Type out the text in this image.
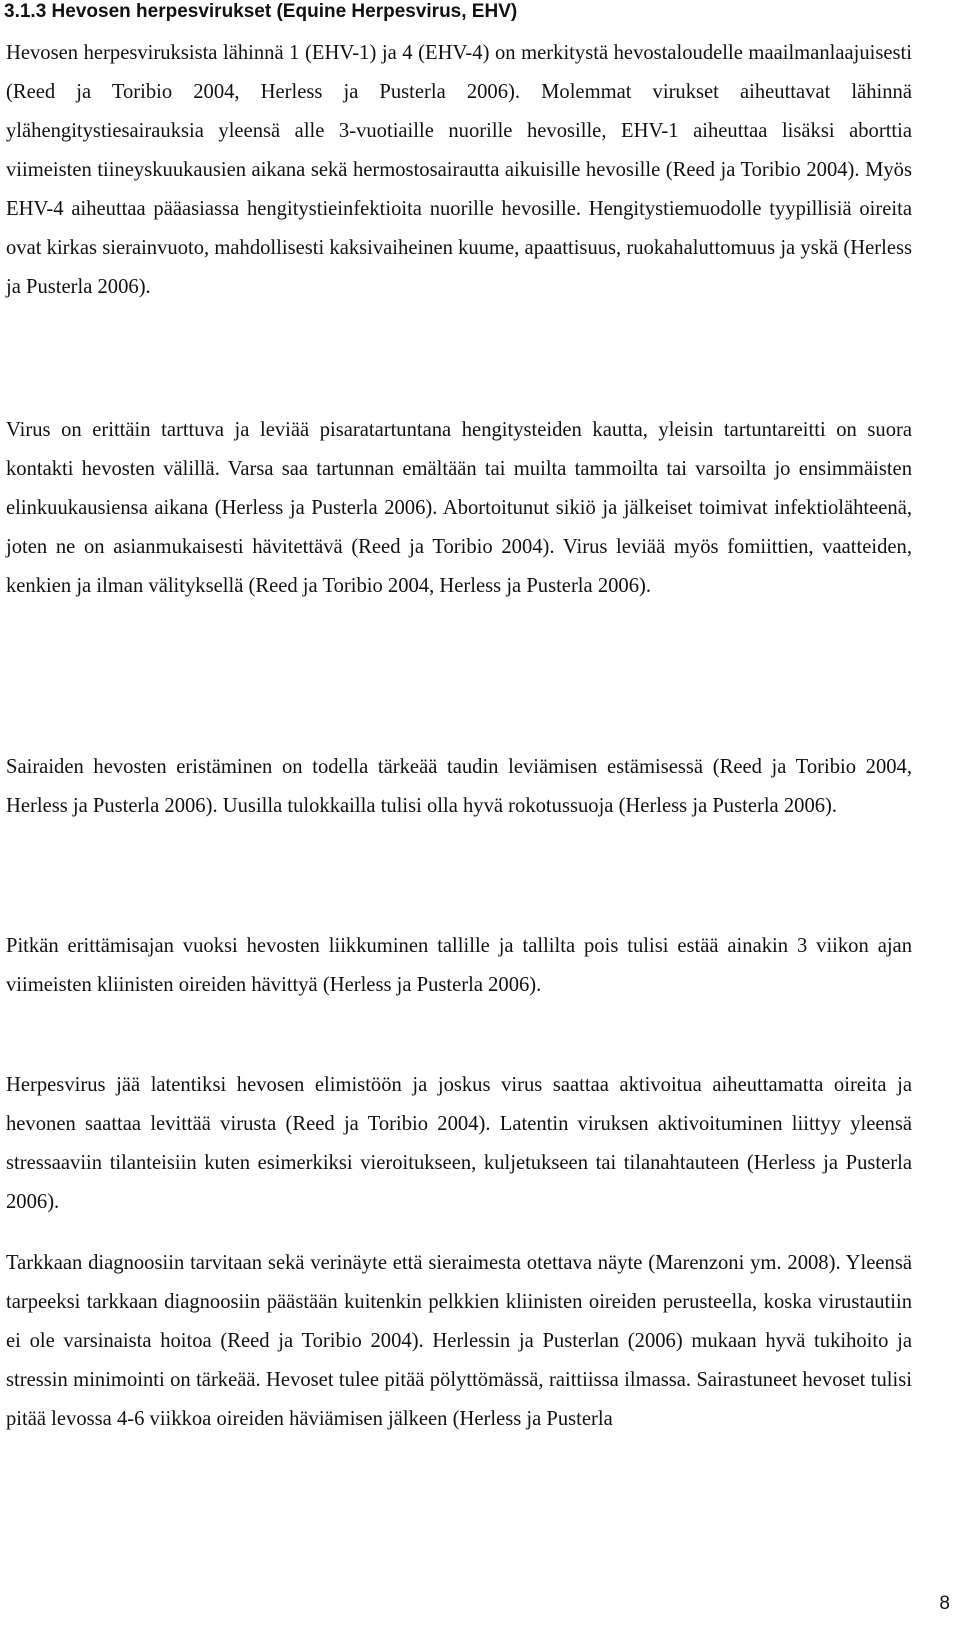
3.1.3 Hevosen herpesvirukset (Equine Herpesvirus, EHV)

Hevosen herpesviruksista lähinnä 1 (EHV-1) ja 4 (EHV-4) on merkitystä hevostaloudelle maailmanlaajuisesti (Reed ja Toribio 2004, Herless ja Pusterla 2006). Molemmat virukset aiheuttavat lähinnä ylähengitystiesairauksia yleensä alle 3-vuotiaille nuorille hevosille, EHV-1 aiheuttaa lisäksi aborttia viimeisten tiineyskuukausien aikana sekä hermostosairautta aikuisille hevosille (Reed ja Toribio 2004). Myös EHV-4 aiheuttaa pääasiassa hengitystieinfektioita nuorille hevosille. Hengitystiemuodolle tyypillisiä oireita ovat kirkas sierainvuoto, mahdollisesti kaksivaiheinen kuume, apaattisuus, ruokahaluttomuus ja yskä (Herless ja Pusterla 2006).

Virus on erittäin tarttuva ja leviää pisaratartuntana hengitysteiden kautta, yleisin tartuntareitti on suora kontakti hevosten välillä. Varsa saa tartunnan emältään tai muilta tammoilta tai varsoilta jo ensimmäisten elinkuukausiensa aikana (Herless ja Pusterla 2006). Abortoitunut sikiö ja jälkeiset toimivat infektiolähteenä, joten ne on asianmukaisesti hävitettävä (Reed ja Toribio 2004). Virus leviää myös fomiittien, vaatteiden, kenkien ja ilman välityksellä (Reed ja Toribio 2004, Herless ja Pusterla 2006).

Sairaiden hevosten eristäminen on todella tärkeää taudin leviämisen estämisessä (Reed ja Toribio 2004, Herless ja Pusterla 2006). Uusilla tulokkailla tulisi olla hyvä rokotussuoja (Herless ja Pusterla 2006).

Pitkän erittämisajan vuoksi hevosten liikkuminen tallille ja tallilta pois tulisi estää ainakin 3 viikon ajan viimeisten kliinisten oireiden hävittyä (Herless ja Pusterla 2006).

Herpesvirus jää latentiksi hevosen elimistöön ja joskus virus saattaa aktivoitua aiheuttamatta oireita ja hevonen saattaa levittää virusta (Reed ja Toribio 2004). Latentin viruksen aktivoituminen liittyy yleensä stressaaviin tilanteisiin kuten esimerkiksi vieroitukseen, kuljetukseen tai tilanahtauteen (Herless ja Pusterla 2006).

Tarkkaan diagnoosiin tarvitaan sekä verinäyte että sieraimesta otettava näyte (Marenzoni ym. 2008). Yleensä tarpeeksi tarkkaan diagnoosiin päästään kuitenkin pelkkien kliinisten oireiden perusteella, koska virustautiin ei ole varsinaista hoitoa (Reed ja Toribio 2004). Herlessin ja Pusterlan (2006) mukaan hyvä tukihoito ja stressin minimointi on tärkeää. Hevoset tulee pitää pölyttömässä, raittiissa ilmassa. Sairastuneet hevoset tulisi pitää levossa 4-6 viikkoa oireiden häviämisen jälkeen (Herless ja Pusterla

8
